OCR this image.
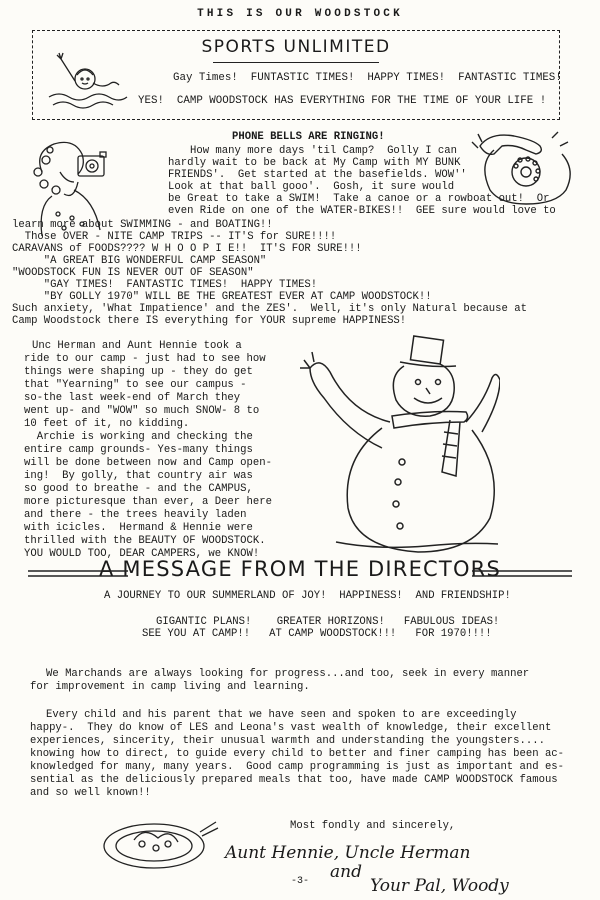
THIS IS OUR WOODSTOCK
SPORTS UNLIMITED
Gay Times!  FUNTASTIC TIMES!  HAPPY TIMES!  FANTASTIC TIMES!
YES!  CAMP WOODSTOCK HAS EVERYTHING FOR THE TIME OF YOUR LIFE !
PHONE BELLS ARE RINGING!
How many more days 'til Camp?  Golly I can
hardly wait to be back at My Camp with MY BUNK
FRIENDS'.  Get started at the basefields. WOW''
Look at that ball gooo'.  Gosh, it sure would
be Great to take a SWIM!  Take a canoe or a rowboat out!  Or
even Ride on one of the WATER-BIKES!!  GEE sure would love to
learn more about SWIMMING - and BOATING!!
Those OVER - NITE CAMP TRIPS -- IT'S for SURE!!!!
CARAVANS of FOODS???? W H O O P I E!!  IT'S FOR SURE!!!
"A GREAT BIG WONDERFUL CAMP SEASON"
"WOODSTOCK FUN IS NEVER OUT OF SEASON"
"GAY TIMES!  FANTASTIC TIMES!  HAPPY TIMES!
"BY GOLLY 1970" WILL BE THE GREATEST EVER AT CAMP WOODSTOCK!!
Such anxiety, 'What Impatience' and the ZES'.  Well, it's only Natural because at
Camp Woodstock there IS everything for YOUR supreme HAPPINESS!
Unc Herman and Aunt Hennie took a
ride to our camp - just had to see how
things were shaping up - they do get
that "Yearning" to see our campus -
so-the last week-end of March they
went up- and "WOW" so much SNOW- 8 to
10 feet of it, no kidding.
Archie is working and checking the
entire camp grounds- Yes-many things
will be done between now and Camp open-
ing!  By golly, that country air was
so good to breathe - and the CAMPUS,
more picturesque than ever, a Deer here
and there - the trees heavily laden
with icicles.  Hermand & Hennie were
thrilled with the BEAUTY OF WOODSTOCK.
YOU WOULD TOO, DEAR CAMPERS, we KNOW!
A MESSAGE FROM THE DIRECTORS
A JOURNEY TO OUR SUMMERLAND OF JOY!  HAPPINESS!  AND FRIENDSHIP!
GIGANTIC PLANS!    GREATER HORIZONS!   FABULOUS IDEAS!
SEE YOU AT CAMP!!   AT CAMP WOODSTOCK!!!   FOR 1970!!!!
We Marchands are always looking for progress...and too, seek in every manner
for improvement in camp living and learning.
Every child and his parent that we have seen and spoken to are exceedingly
happy-.  They do know of LES and Leona's vast wealth of knowledge, their excellent
experiences, sincerity, their unusual warmth and understanding the youngsters....
knowing how to direct, to guide every child to better and finer camping has been ac-
knowledged for many, many years.  Good camp programming is just as important and es-
sential as the deliciously prepared meals that too, have made CAMP WOODSTOCK famous
and so well known!!
Most fondly and sincerely,
Aunt Hennie, Uncle Herman
and
Your Pal, Woody
-3-
